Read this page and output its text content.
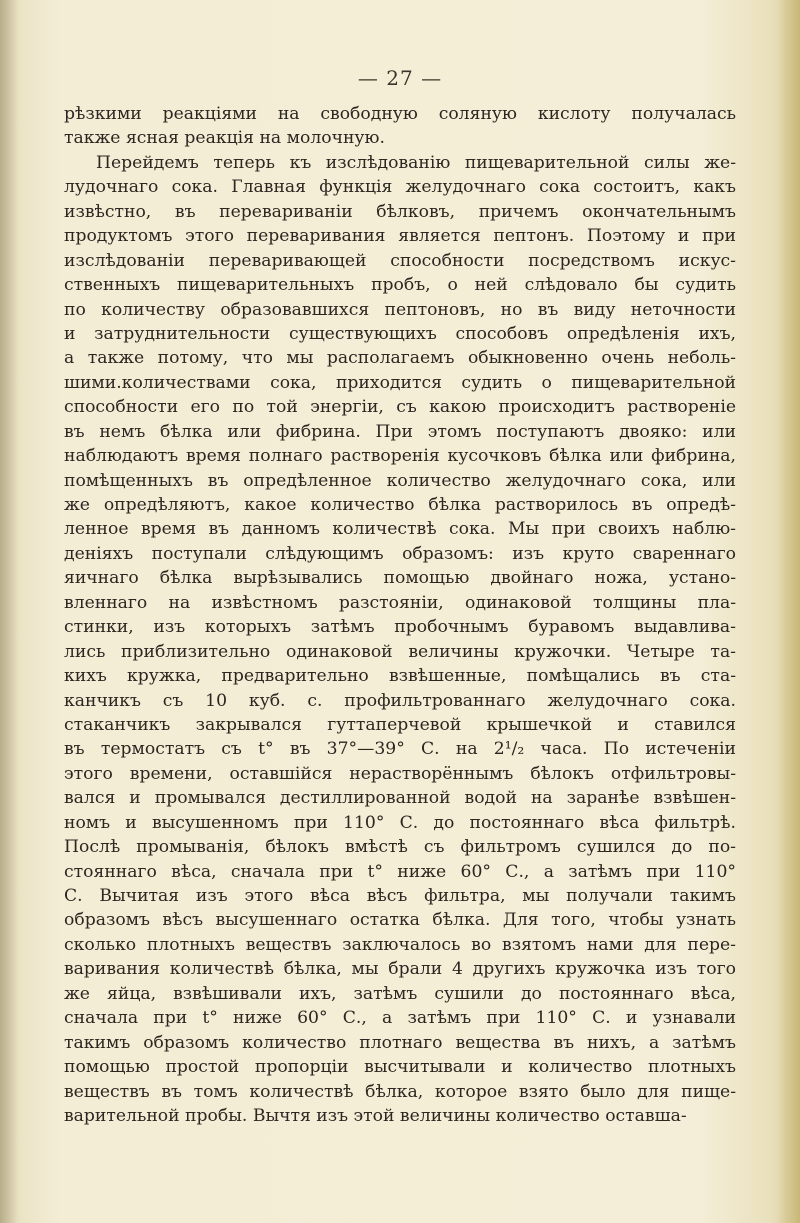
— 27 —
рѣзкими реакціями на свободную соляную кислоту получалась
также ясная реакція на молочную.
Перейдемъ теперь къ изслѣдованію пищеварительной силы же-
лудочнаго сока. Главная функція желудочнаго сока состоитъ, какъ
извѣстно, въ перевариваніи бѣлковъ, причемъ окончательнымъ
продуктомъ этого переваривания является пептонъ. Поэтому и при
изслѣдованіи переваривающей способности посредствомъ искус-
ственныхъ пищеварительныхъ пробъ, о ней слѣдовало бы судить
по количеству образовавшихся пептоновъ, но въ виду неточности
и затруднительности существующихъ способовъ опредѣленія ихъ,
а также потому, что мы располагаемъ обыкновенно очень неболь-
шими.количествами сока, приходится судить о пищеварительной
способности его по той энергіи, съ какою происходитъ раствореніе
въ немъ бѣлка или фибрина. При этомъ поступаютъ двояко: или
наблюдаютъ время полнаго растворенія кусочковъ бѣлка или фибрина,
помѣщенныхъ въ опредѣленное количество желудочнаго сока, или
же опредѣляютъ, какое количество бѣлка растворилось въ опредѣ-
ленное время въ данномъ количествѣ сока. Мы при своихъ наблю-
деніяхъ поступали слѣдующимъ образомъ: изъ круто свареннаго
яичнаго бѣлка вырѣзывались помощью двойнаго ножа, устано-
вленнаго на извѣстномъ разстояніи, одинаковой толщины пла-
стинки, изъ которыхъ затѣмъ пробочнымъ буравомъ выдавлива-
лись приблизительно одинаковой величины кружочки. Четыре та-
кихъ кружка, предварительно взвѣшенные, помѣщались въ ста-
канчикъ съ 10 куб. с. профильтрованнаго желудочнаго сока.
стаканчикъ закрывался гуттаперчевой крышечкой и ставился
въ термостатъ съ t° въ 37°—39° С. на 2¹/₂ часа. По истеченіи
этого времени, оставшійся нерастворённымъ бѣлокъ отфильтровы-
вался и промывался дестиллированной водой на заранѣе взвѣшен-
номъ и высушенномъ при 110° С. до постояннаго вѣса фильтрѣ.
Послѣ промыванія, бѣлокъ вмѣстѣ съ фильтромъ сушился до по-
стояннаго вѣса, сначала при t° ниже 60° С., а затѣмъ при 110°
С. Вычитая изъ этого вѣса вѣсъ фильтра, мы получали такимъ
образомъ вѣсъ высушеннаго остатка бѣлка. Для того, чтобы узнать
сколько плотныхъ веществъ заключалось во взятомъ нами для пере-
варивания количествѣ бѣлка, мы брали 4 другихъ кружочка изъ того
же яйца, взвѣшивали ихъ, затѣмъ сушили до постояннаго вѣса,
сначала при t° ниже 60° С., а затѣмъ при 110° С. и узнавали
такимъ образомъ количество плотнаго вещества въ нихъ, а затѣмъ
помощью простой пропорціи высчитывали и количество плотныхъ
веществъ въ томъ количествѣ бѣлка, которое взято было для пище-
варительной пробы. Вычтя изъ этой величины количество оставша-
